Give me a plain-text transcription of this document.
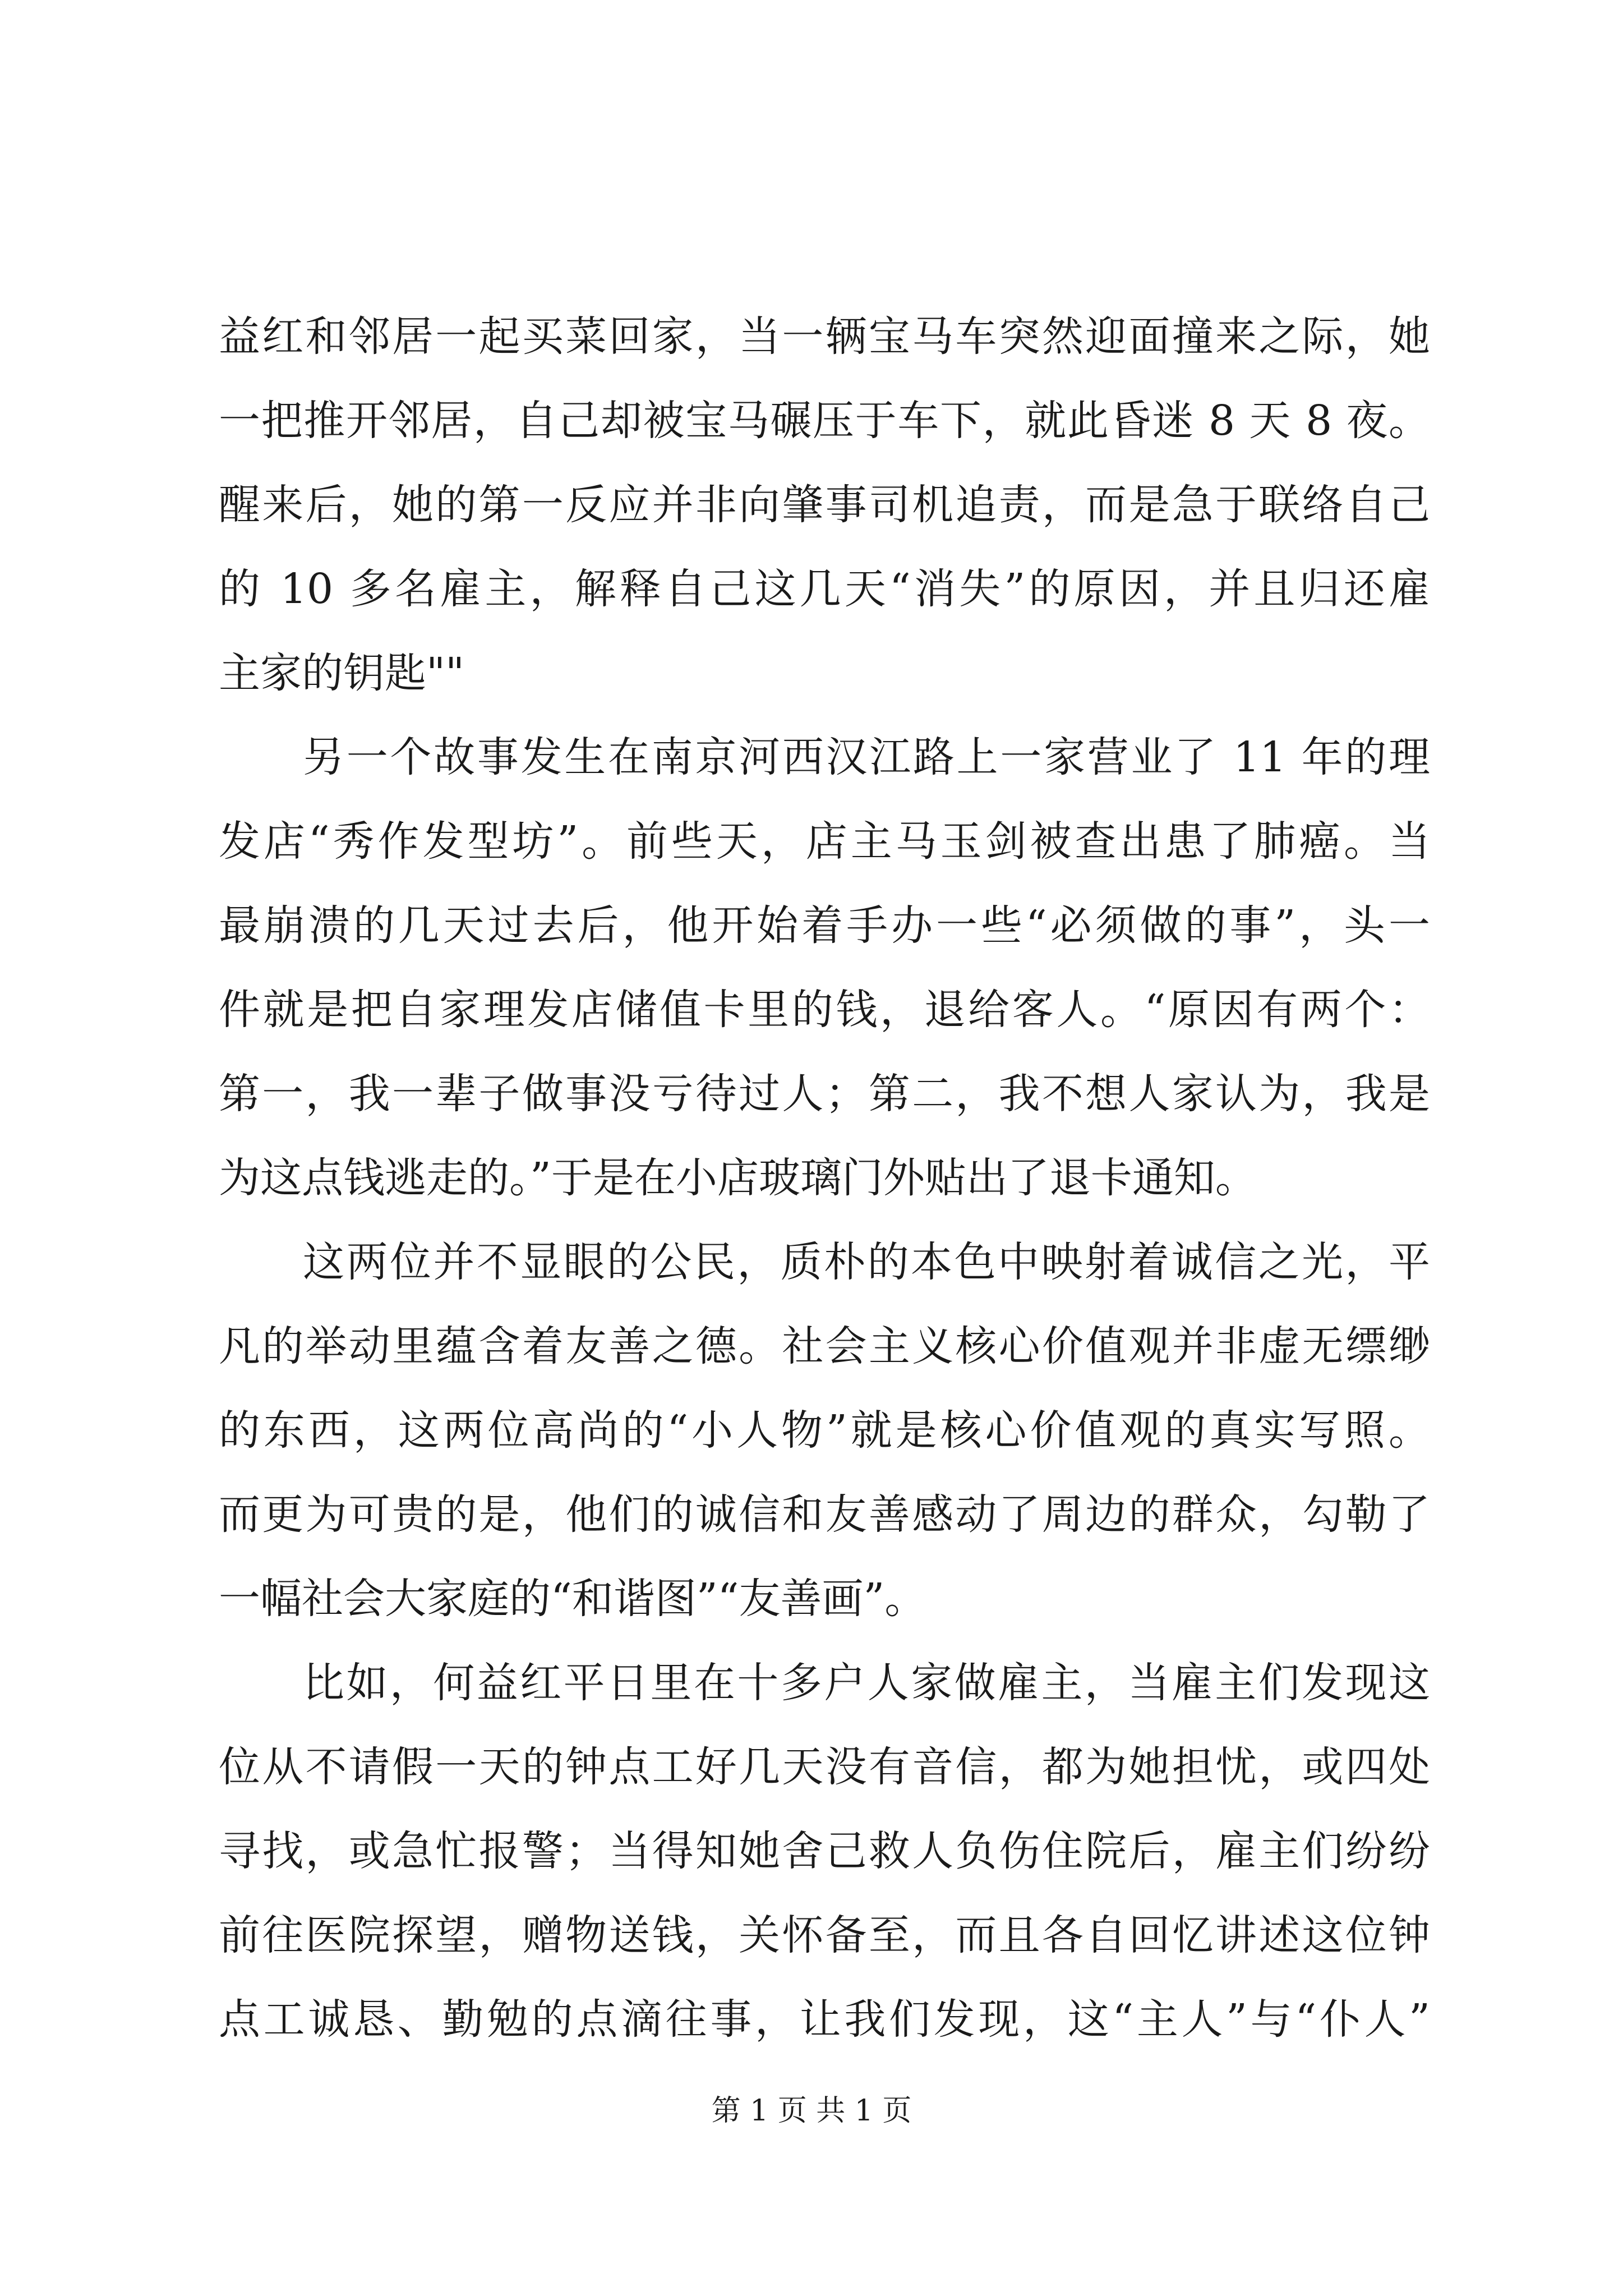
益红和邻居一起买菜回家，当一辆宝马车突然迎面撞来之际，她
一把推开邻居，自己却被宝马碾压于车下，就此昏迷 8 天 8 夜。
醒来后，她的第一反应并非向肇事司机追责，而是急于联络自己
的 10 多名雇主，解释自己这几天“消失”的原因，并且归还雇
主家的钥匙""
另一个故事发生在南京河西汉江路上一家营业了 11 年的理
发店“秀作发型坊”。前些天，店主马玉剑被查出患了肺癌。当
最崩溃的几天过去后，他开始着手办一些“必须做的事”，头一
件就是把自家理发店储值卡里的钱，退给客人。“原因有两个：
第一，我一辈子做事没亏待过人；第二，我不想人家认为，我是
为这点钱逃走的。”于是在小店玻璃门外贴出了退卡通知。
这两位并不显眼的公民，质朴的本色中映射着诚信之光，平
凡的举动里蕴含着友善之德。社会主义核心价值观并非虚无缥缈
的东西，这两位高尚的“小人物”就是核心价值观的真实写照。
而更为可贵的是，他们的诚信和友善感动了周边的群众，勾勒了
一幅社会大家庭的“和谐图”“友善画”。
比如，何益红平日里在十多户人家做雇主，当雇主们发现这
位从不请假一天的钟点工好几天没有音信，都为她担忧，或四处
寻找，或急忙报警；当得知她舍己救人负伤住院后，雇主们纷纷
前往医院探望，赠物送钱，关怀备至，而且各自回忆讲述这位钟
点工诚恳、勤勉的点滴往事，让我们发现，这“主人”与“仆人”
第 1 页 共 1 页
